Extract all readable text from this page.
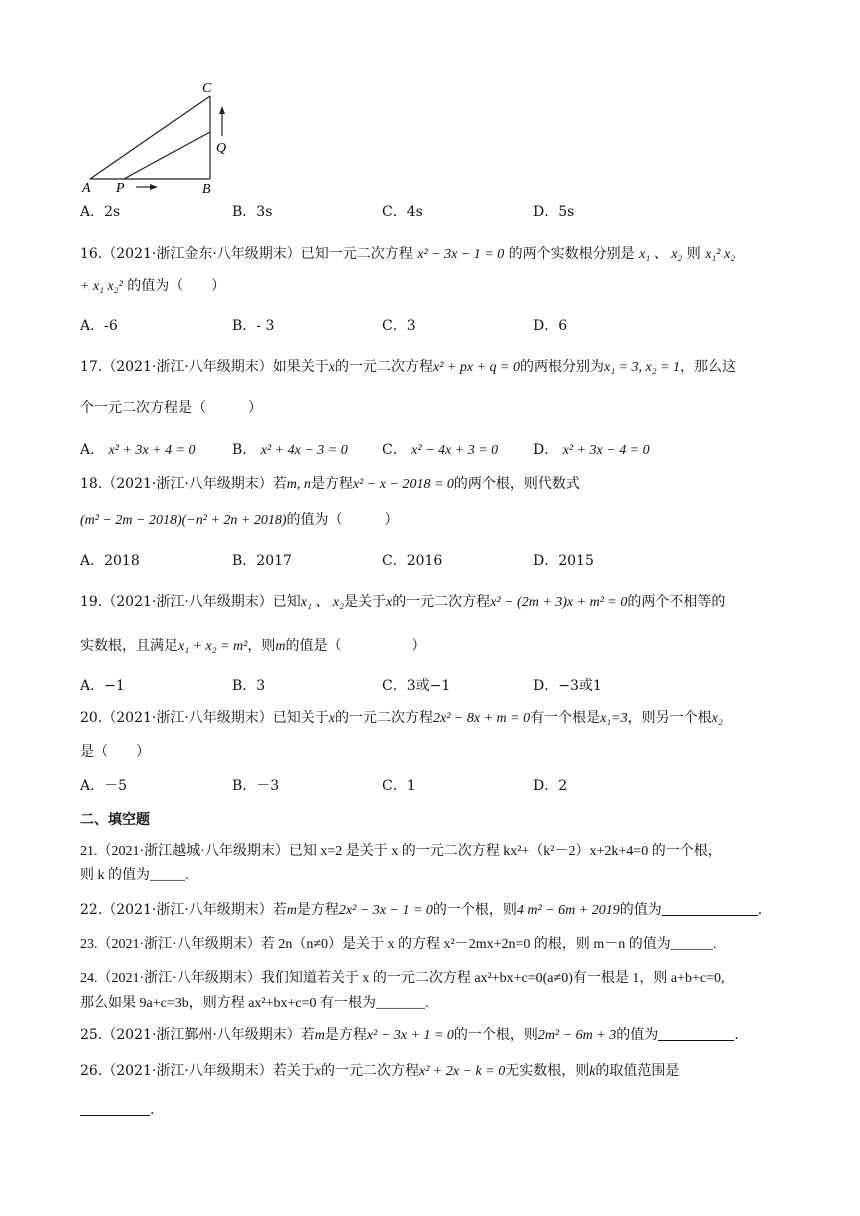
C
Q
A P	B
A．2s	B．3s	C．4s	D．5s
16.（2021·浙江金东·八年级期末）已知一元二次方程 x² − 3x − 1 = 0 的两个实数根分别是 x₁ 、 x₂ 则 x₁² x₂
+ x₁ x₂² 的值为（　　）
A．-6	B．- 3	C．3	D．6
17.（2021·浙江·八年级期末）如果关于x的一元二次方程x² + px + q = 0的两根分别为x₁ = 3, x₂ = 1，那么这
个一元二次方程是（　　　）
A． x² + 3x + 4 = 0	B． x² + 4x − 3 = 0 C． x² − 4x + 3 = 0 D． x² + 3x − 4 = 0
18.（2021·浙江·八年级期末）若m, n是方程x² − x − 2018 = 0的两个根，则代数式
(m² − 2m − 2018)(−n² + 2n + 2018)的值为（　　　）
A．2018	B．2017	C．2016	D．2015
19.（2021·浙江·八年级期末）已知x₁ 、 x₂是关于x的一元二次方程x² − (2m + 3)x + m² = 0的两个不相等的
实数根，且满足x₁ + x₂ = m²，则m的值是（　　　　　）
A．−1	B．3	C．3或−1	D．−3或1
20.（2021·浙江·八年级期末）已知关于x的一元二次方程2x² − 8x + m = 0有一个根是x₁=3，则另一个根x₂
是（　　）
A．－5	B．－3	C．1	D．2
二、填空题
21.（2021·浙江越城·八年级期末）已知 x=2 是关于 x 的一元二次方程 kx²+（k²－2）x+2k+4=0 的一个根，
则 k 的值为_____.
22.（2021·浙江·八年级期末）若m是方程2x² − 3x − 1 = 0的一个根，则4 m² − 6m + 2019的值为	.
23.（2021·浙江·八年级期末）若 2n（n≠0）是关于 x 的方程 x²－2mx+2n=0 的根，则 m－n 的值为______.
24.（2021·浙江·八年级期末）我们知道若关于 x 的一元二次方程 ax²+bx+c=0(a≠0)有一根是 1，则 a+b+c=0,
那么如果 9a+c=3b，则方程 ax²+bx+c=0 有一根为_______.
25.（2021·浙江鄞州·八年级期末）若m是方程x² − 3x + 1 = 0的一个根，则2m² − 6m + 3的值为	.
26.（2021·浙江·八年级期末）若关于x的一元二次方程x² + 2x − k = 0无实数根，则k的取值范围是
.
